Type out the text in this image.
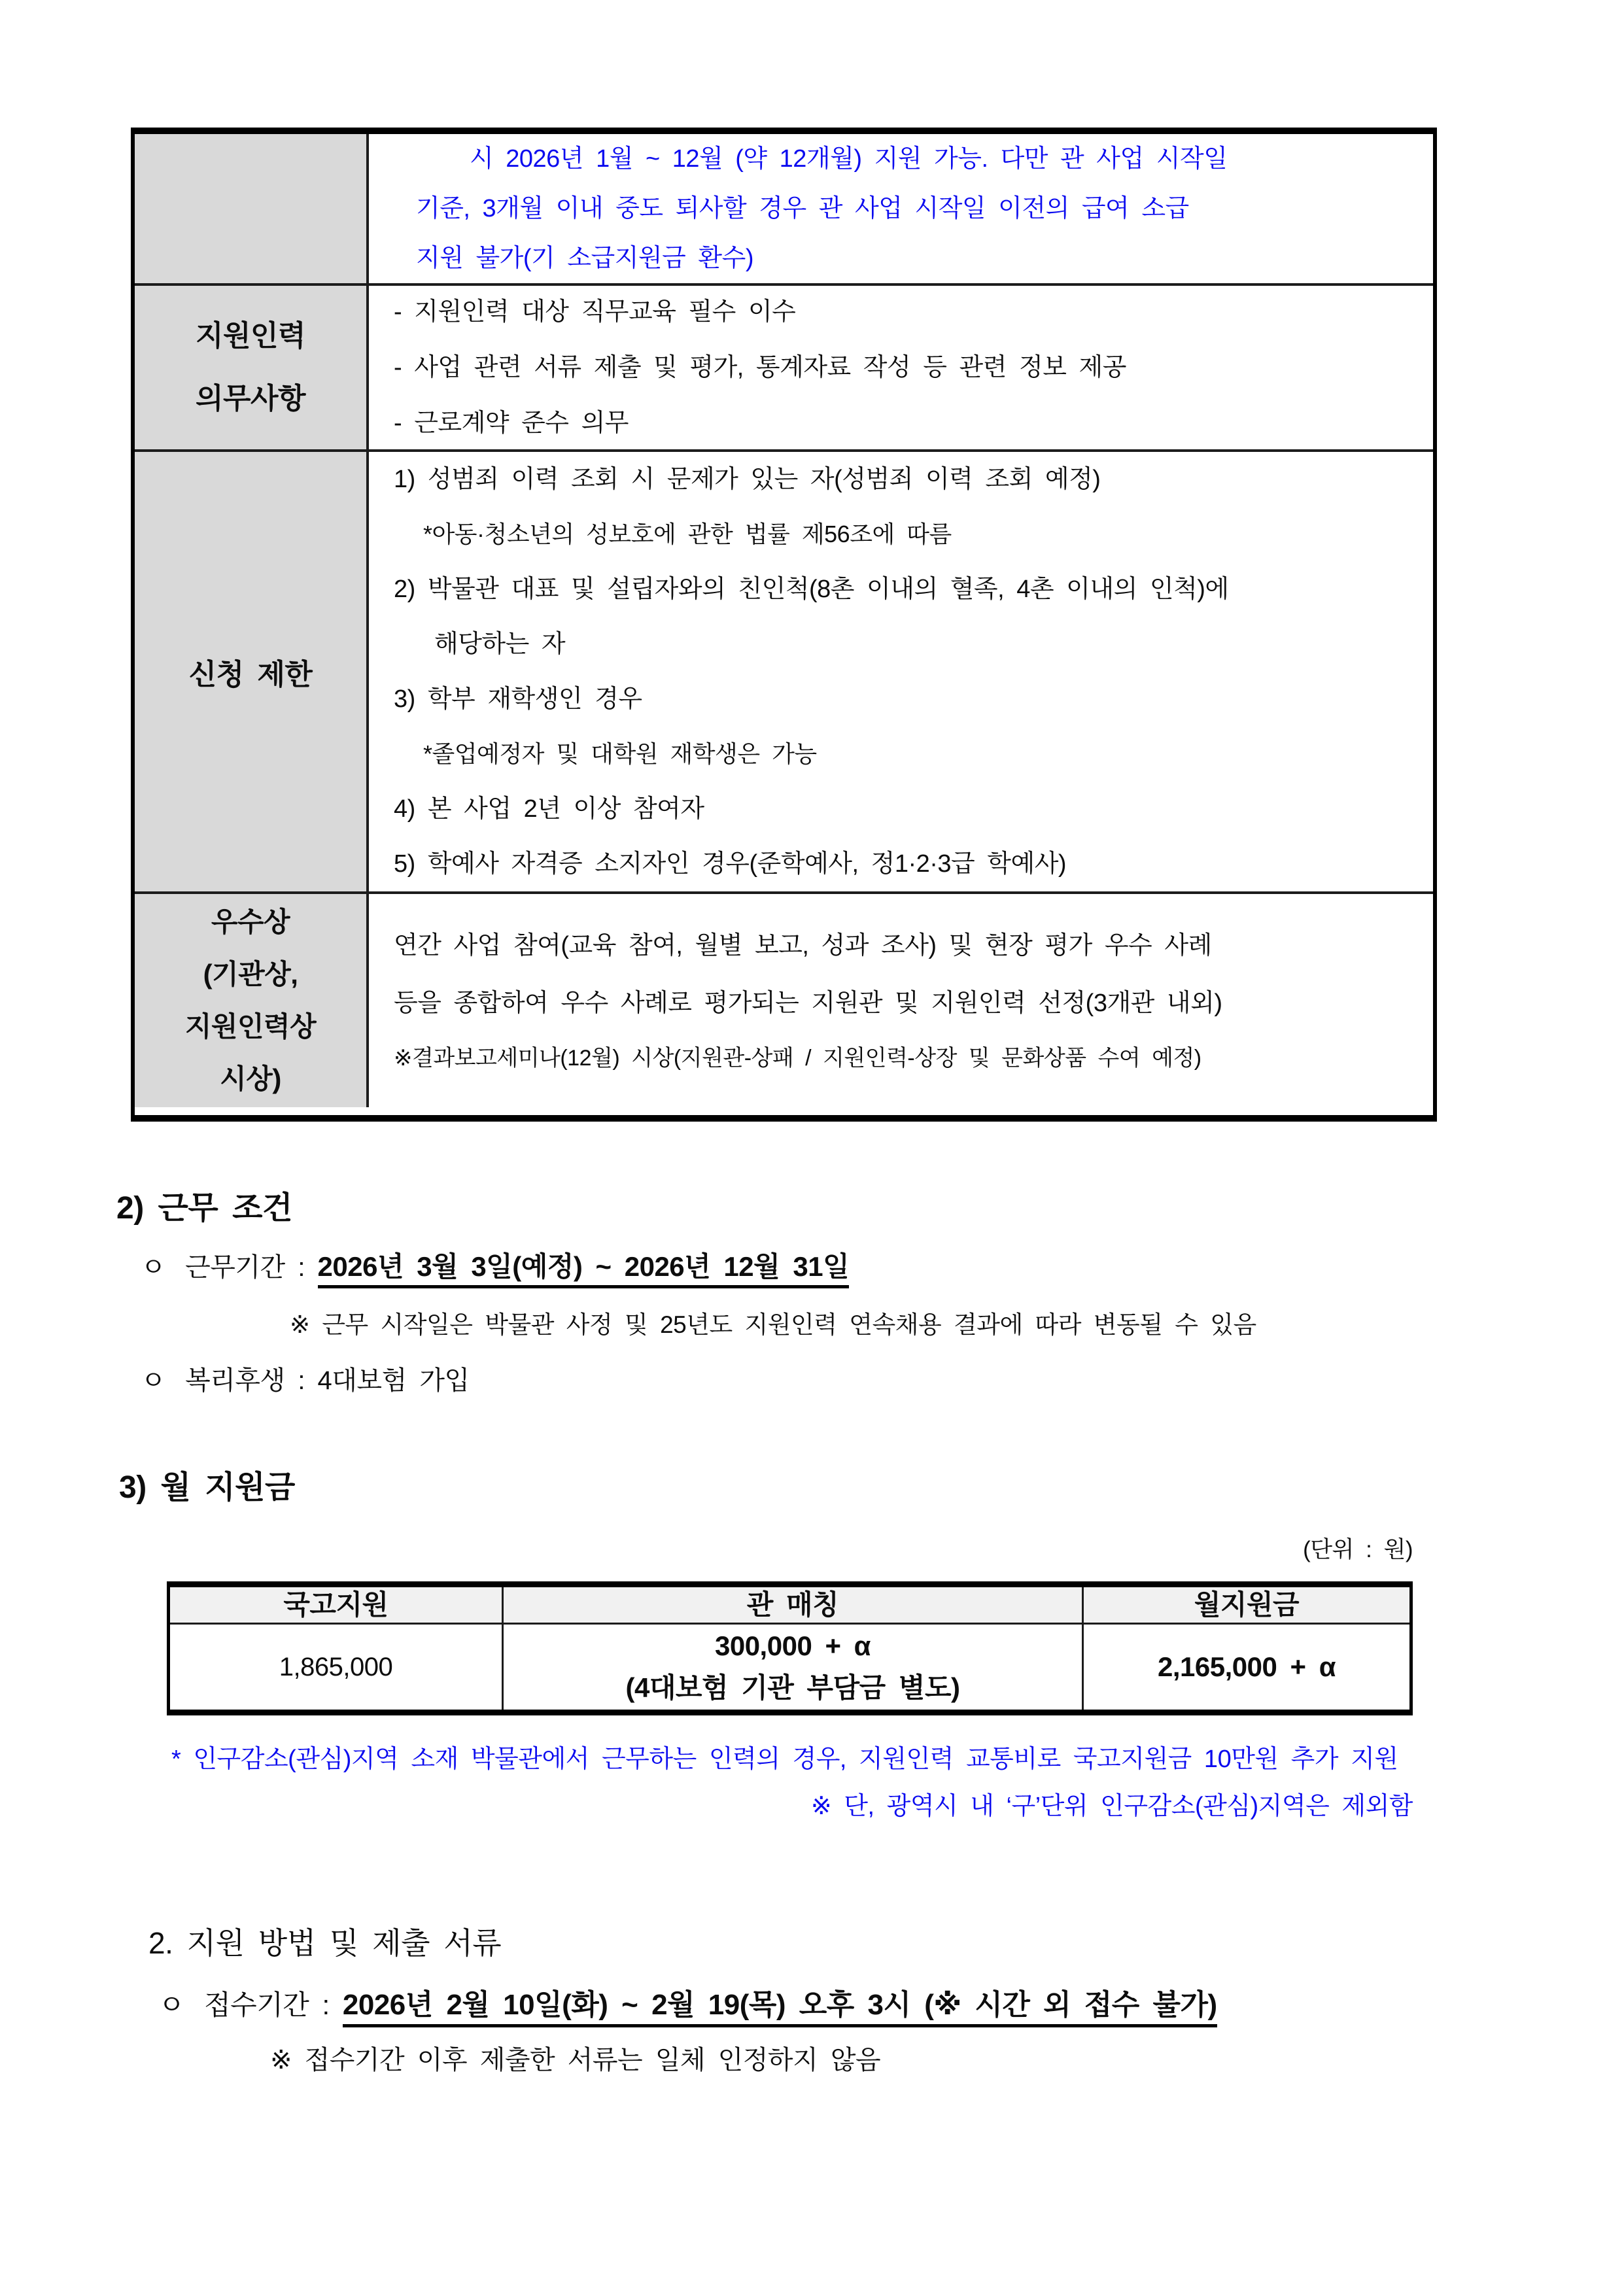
시 2026년 1월 ~ 12월 (약 12개월) 지원 가능. 다만 관 사업 시작일
기준, 3개월 이내 중도 퇴사할 경우 관 사업 시작일 이전의 급여 소급
지원 불가(기 소급지원금 환수)
지원인력
의무사항
- 지원인력 대상 직무교육 필수 이수
- 사업 관련 서류 제출 및 평가, 통계자료 작성 등 관련 정보 제공
- 근로계약 준수 의무
신청 제한
1) 성범죄 이력 조회 시 문제가 있는 자(성범죄 이력 조회 예정)
*아동·청소년의 성보호에 관한 법률 제56조에 따름
2) 박물관 대표 및 설립자와의 친인척(8촌 이내의 혈족, 4촌 이내의 인척)에
해당하는 자
3) 학부 재학생인 경우
*졸업예정자 및 대학원 재학생은 가능
4) 본 사업 2년 이상 참여자
5) 학예사 자격증 소지자인 경우(준학예사, 정1·2·3급 학예사)
우수상
(기관상,
지원인력상
시상)
연간 사업 참여(교육 참여, 월별 보고, 성과 조사) 및 현장 평가 우수 사례
등을 종합하여 우수 사례로 평가되는 지원관 및 지원인력 선정(3개관 내외)
※결과보고세미나(12월) 시상(지원관-상패 / 지원인력-상장 및 문화상품 수여 예정)
2) 근무 조건
ㅇ 근무기간 : 2026년 3월 3일(예정) ~ 2026년 12월 31일
※ 근무 시작일은 박물관 사정 및 25년도 지원인력 연속채용 결과에 따라 변동될 수 있음
ㅇ 복리후생 : 4대보험 가입
3) 월 지원금
(단위 : 원)
국고지원	관 매칭	월지원금
1,865,000
300,000 + α
(4대보험 기관 부담금 별도)
2,165,000 + α
* 인구감소(관심)지역 소재 박물관에서 근무하는 인력의 경우, 지원인력 교통비로 국고지원금 10만원 추가 지원
※ 단, 광역시 내 ‘구’단위 인구감소(관심)지역은 제외함
2. 지원 방법 및 제출 서류
ㅇ 접수기간 : 2026년 2월 10일(화) ~ 2월 19(목) 오후 3시 (※ 시간 외 접수 불가)
※ 접수기간 이후 제출한 서류는 일체 인정하지 않음
